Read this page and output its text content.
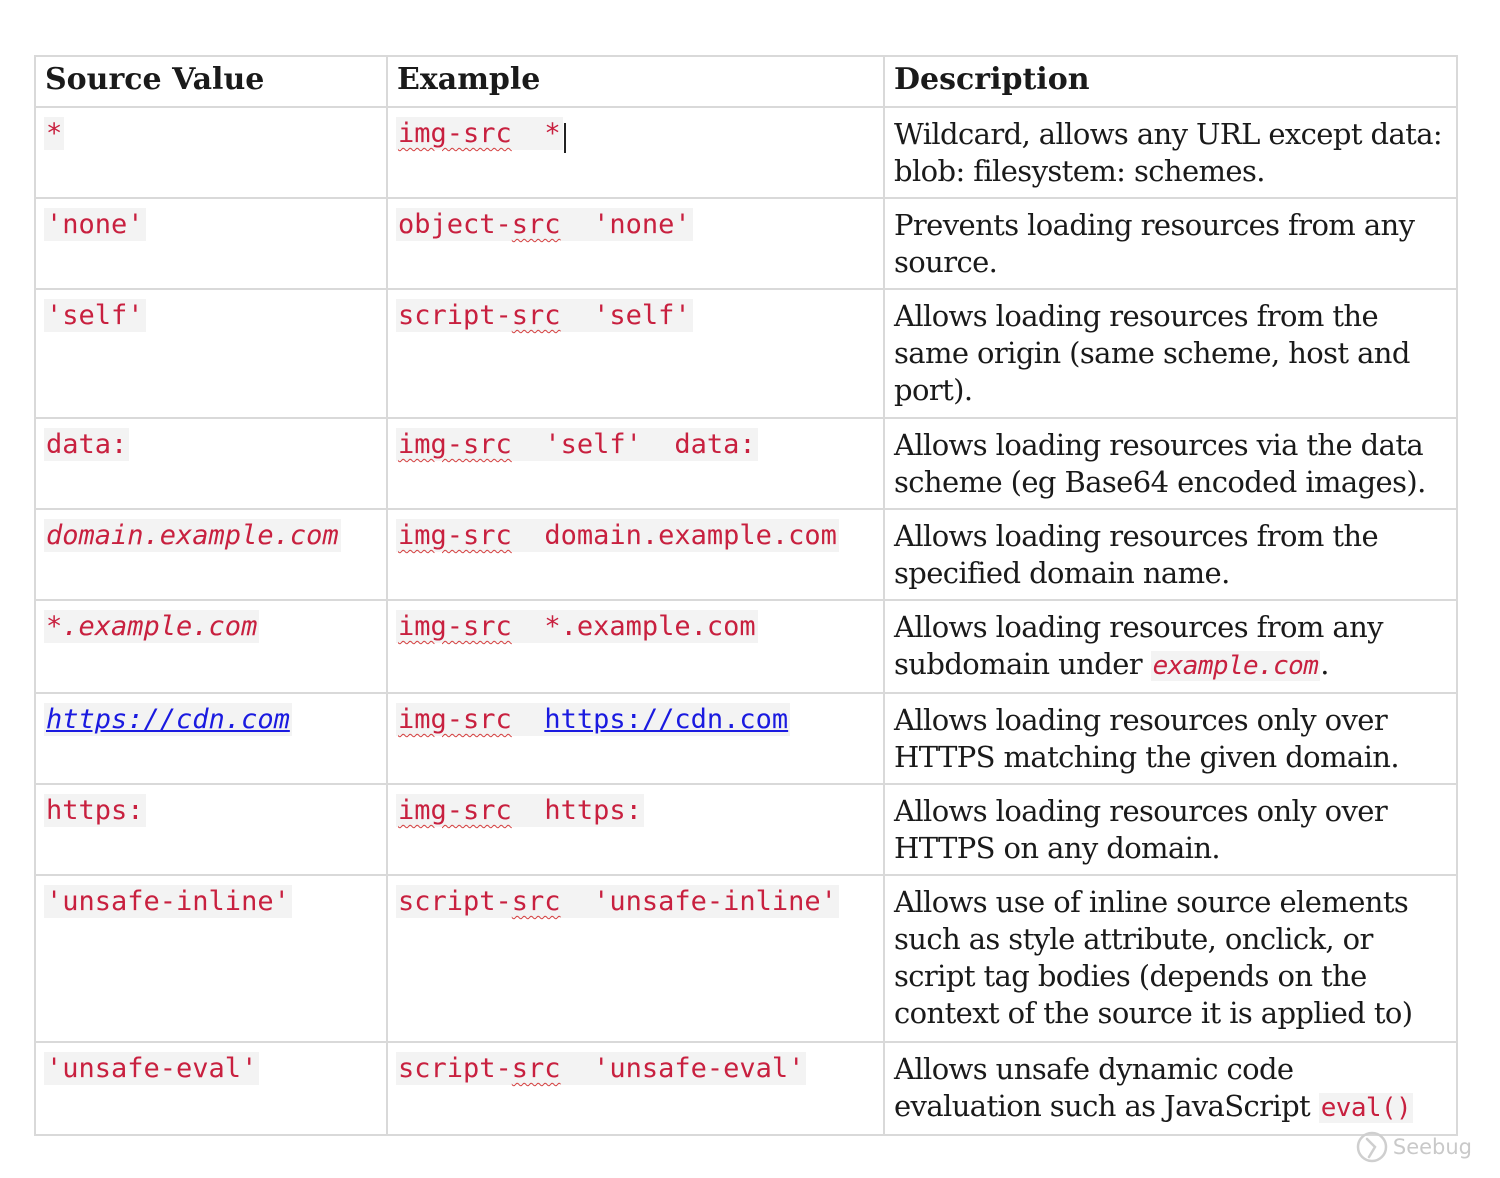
Source Value	Example	Description
*	img-src *	Wildcard, allows any URL except data: blob: filesystem: schemes.
'none'	object-src 'none'	Prevents loading resources from any source.
'self'	script-src 'self'	Allows loading resources from the same origin (same scheme, host and port).
data:	img-src 'self'  data:	Allows loading resources via the data scheme (eg Base64 encoded images).
domain.example.com	img-src domain.example.com	Allows loading resources from the specified domain name.
*.example.com	img-src *.example.com	Allows loading resources from any subdomain under example.com.
https://cdn.com	img-src https://cdn.com	Allows loading resources only over HTTPS matching the given domain.
https:	img-src https:	Allows loading resources only over HTTPS on any domain.
'unsafe-inline'	script-src 'unsafe-inline'	Allows use of inline source elements such as style attribute, onclick, or script tag bodies (depends on the context of the source it is applied to)
'unsafe-eval'	script-src 'unsafe-eval'	Allows unsafe dynamic code evaluation such as JavaScript eval()
Seebug
